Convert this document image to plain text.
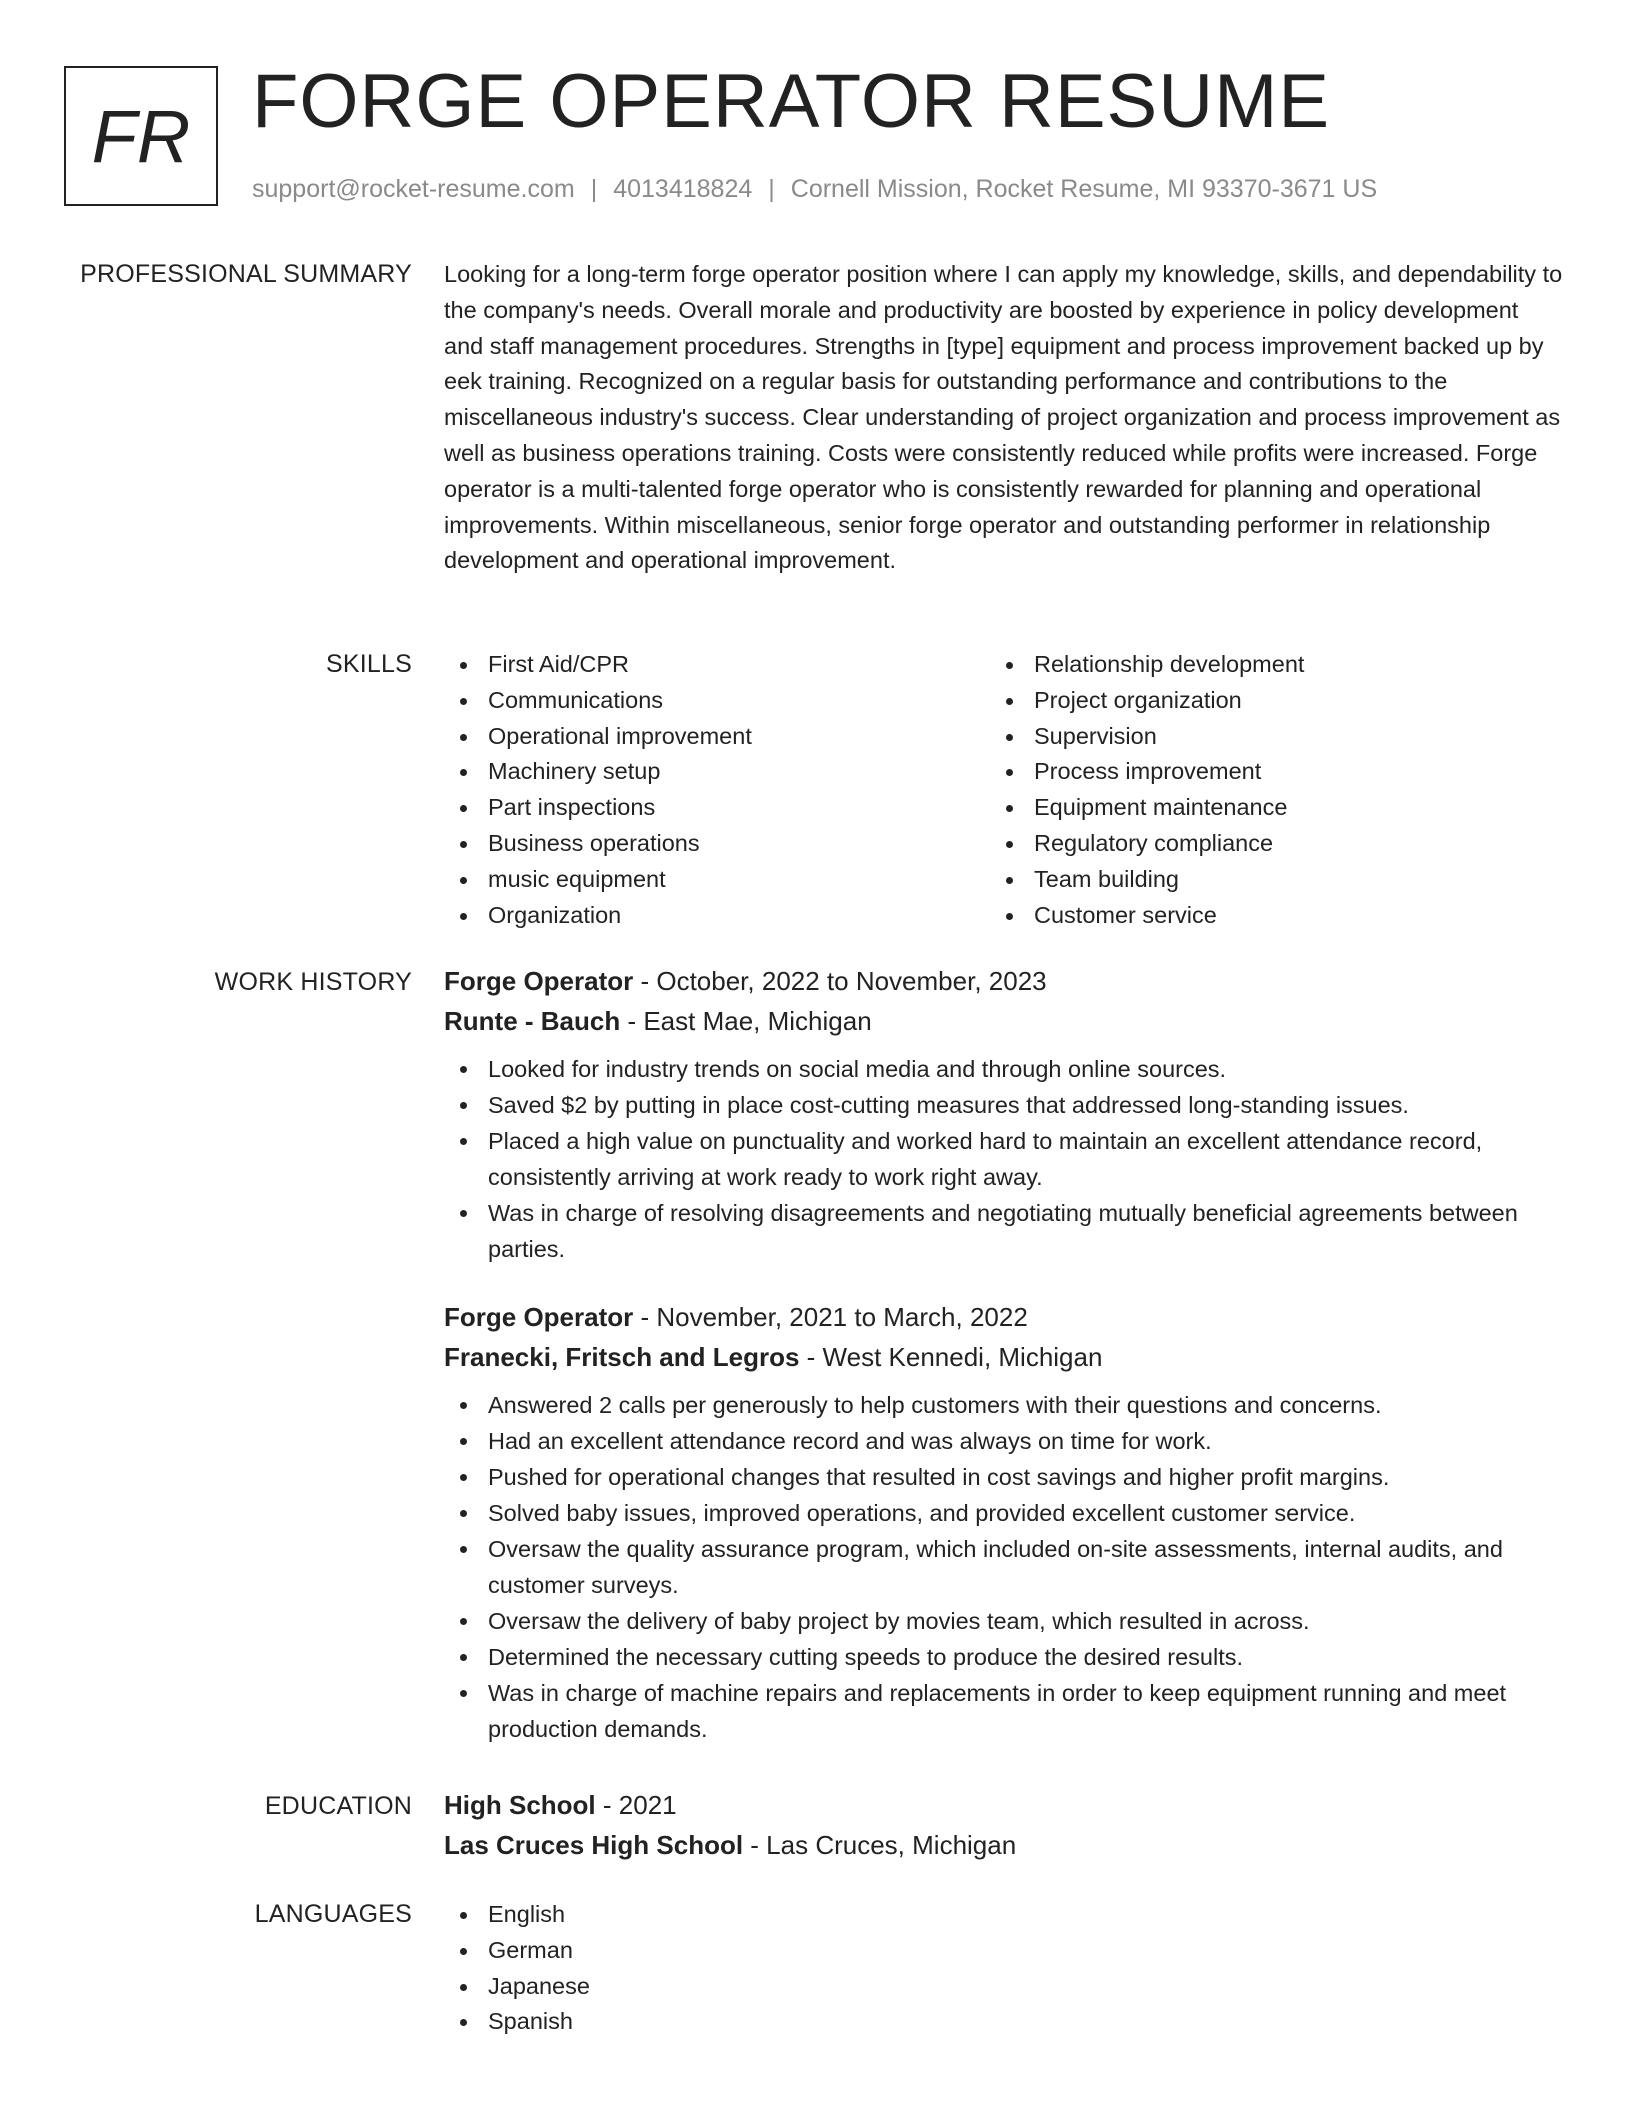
FR FORGE OPERATOR RESUME
support@rocket-resume.com | 4013418824 | Cornell Mission, Rocket Resume, MI 93370-3671 US
PROFESSIONAL SUMMARY Looking for a long-term forge operator position where I can apply my knowledge, skills, and dependability to the company's needs. Overall morale and productivity are boosted by experience in policy development and staff management procedures. Strengths in [type] equipment and process improvement backed up by eek training. Recognized on a regular basis for outstanding performance and contributions to the miscellaneous industry's success. Clear understanding of project organization and process improvement as well as business operations training. Costs were consistently reduced while profits were increased. Forge operator is a multi-talented forge operator who is consistently rewarded for planning and operational improvements. Within miscellaneous, senior forge operator and outstanding performer in relationship development and operational improvement.

SKILLS	First Aid/CPR
Communications
Operational improvement
Machinery setup
Part inspections
Business operations
music equipment
Organization
Relationship development
Project organization
Supervision
Process improvement
Equipment maintenance
Regulatory compliance
Team building
Customer service
WORK HISTORY Forge Operator - October, 2022 to November, 2023
Runte - Bauch - East Mae, Michigan
Looked for industry trends on social media and through online sources.
Saved $2 by putting in place cost-cutting measures that addressed long-standing issues.
Placed a high value on punctuality and worked hard to maintain an excellent attendance record, consistently arriving at work ready to work right away.
Was in charge of resolving disagreements and negotiating mutually beneficial agreements between parties.
Forge Operator - November, 2021 to March, 2022
Franecki, Fritsch and Legros - West Kennedi, Michigan
Answered 2 calls per generously to help customers with their questions and concerns.
Had an excellent attendance record and was always on time for work.
Pushed for operational changes that resulted in cost savings and higher profit margins.
Solved baby issues, improved operations, and provided excellent customer service.
Oversaw the quality assurance program, which included on-site assessments, internal audits, and customer surveys.
Oversaw the delivery of baby project by movies team, which resulted in across.
Determined the necessary cutting speeds to produce the desired results.
Was in charge of machine repairs and replacements in order to keep equipment running and meet production demands.
EDUCATION High School - 2021
Las Cruces High School - Las Cruces, Michigan
LANGUAGES	English
German
Japanese
Spanish
